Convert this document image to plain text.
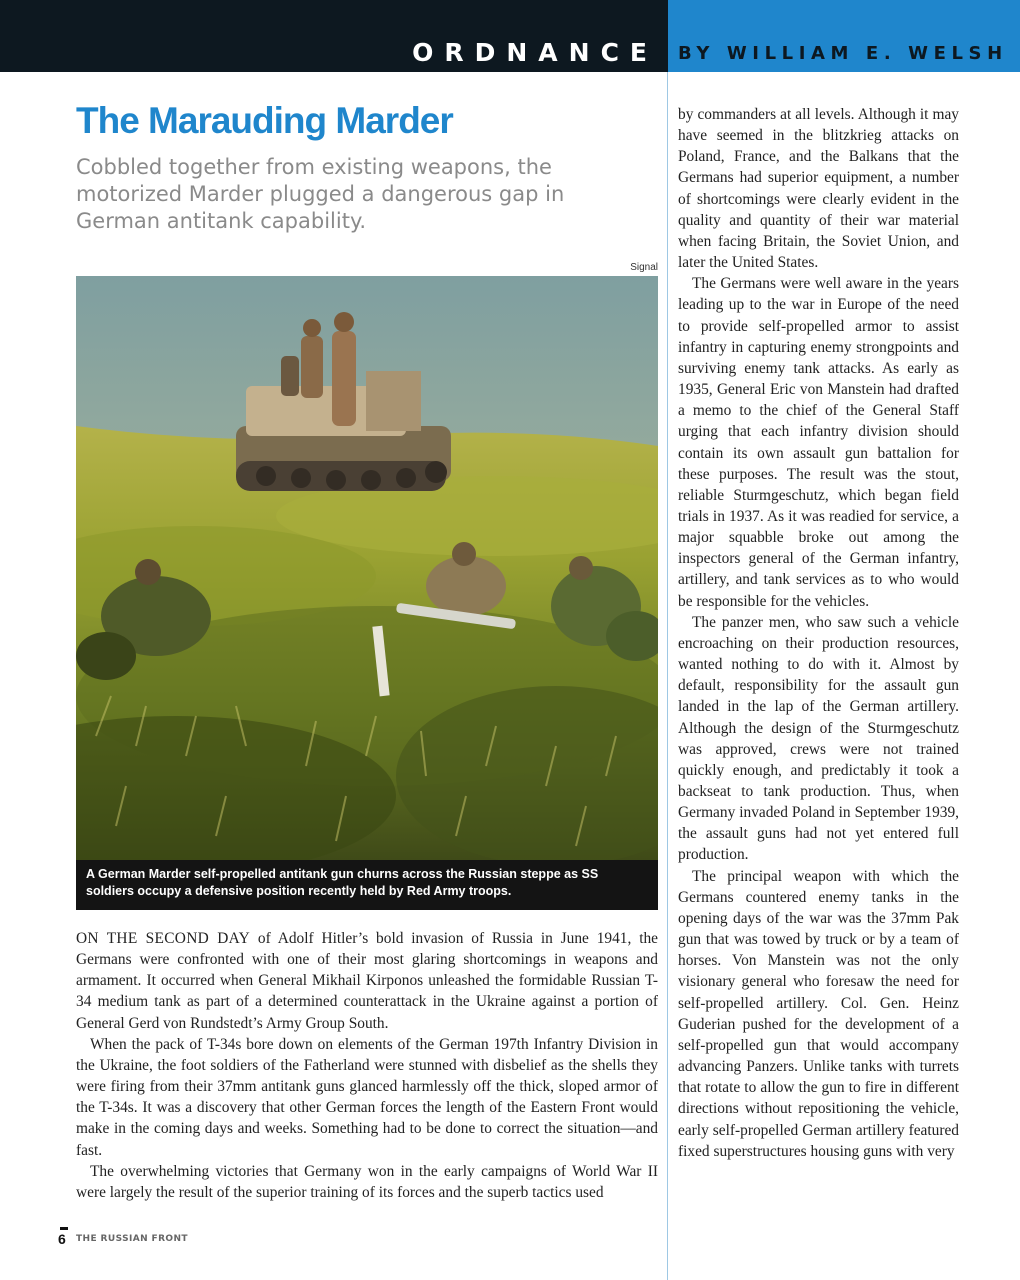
ORDNANCE BY WILLIAM E. WELSH
The Marauding Marder

Cobbled together from existing weapons, the motorized Marder plugged a dangerous gap in German antitank capability.

Signal
A German Marder self-propelled antitank gun churns across the Russian steppe as SS soldiers occupy a defensive position recently held by Red Army troops.

ON THE SECOND DAY of Adolf Hitler’s bold invasion of Russia in June 1941, the Germans were confronted with one of their most glaring shortcomings in weapons and armament. It occurred when General Mikhail Kirponos unleashed the formidable Russian T-34 medium tank as part of a determined counterattack in the Ukraine against a portion of General Gerd von Rundstedt’s Army Group South.

When the pack of T-34s bore down on elements of the German 197th Infantry Division in the Ukraine, the foot soldiers of the Fatherland were stunned with disbelief as the shells they were firing from their 37mm antitank guns glanced harmlessly off the thick, sloped armor of the T-34s. It was a discovery that other German forces the length of the Eastern Front would make in the coming days and weeks. Something had to be done to correct the situation—and fast.

The overwhelming victories that Germany won in the early campaigns of World War II were largely the result of the superior training of its forces and the superb tactics used

by commanders at all levels. Although it may have seemed in the blitzkrieg attacks on Poland, France, and the Balkans that the Germans had superior equipment, a number of shortcomings were clearly evident in the quality and quantity of their war material when facing Britain, the Soviet Union, and later the United States.

The Germans were well aware in the years leading up to the war in Europe of the need to provide self-propelled armor to assist infantry in capturing enemy strongpoints and surviving enemy tank attacks. As early as 1935, General Eric von Manstein had drafted a memo to the chief of the General Staff urging that each infantry division should contain its own assault gun battalion for these purposes. The result was the stout, reliable Sturmgeschutz, which began field trials in 1937. As it was readied for service, a major squabble broke out among the inspectors general of the German infantry, artillery, and tank services as to who would be responsible for the vehicles.

The panzer men, who saw such a vehicle encroaching on their production resources, wanted nothing to do with it. Almost by default, responsibility for the assault gun landed in the lap of the German artillery. Although the design of the Sturmgeschutz was approved, crews were not trained quickly enough, and predictably it took a backseat to tank production. Thus, when Germany invaded Poland in September 1939, the assault guns had not yet entered full production.

The principal weapon with which the Germans countered enemy tanks in the opening days of the war was the 37mm Pak gun that was towed by truck or by a team of horses. Von Manstein was not the only visionary general who foresaw the need for self-propelled artillery. Col. Gen. Heinz Guderian pushed for the development of a self-propelled gun that would accompany advancing Panzers. Unlike tanks with turrets that rotate to allow the gun to fire in different directions without repositioning the vehicle, early self-propelled German artillery featured fixed superstructures housing guns with very

6 THE RUSSIAN FRONT
